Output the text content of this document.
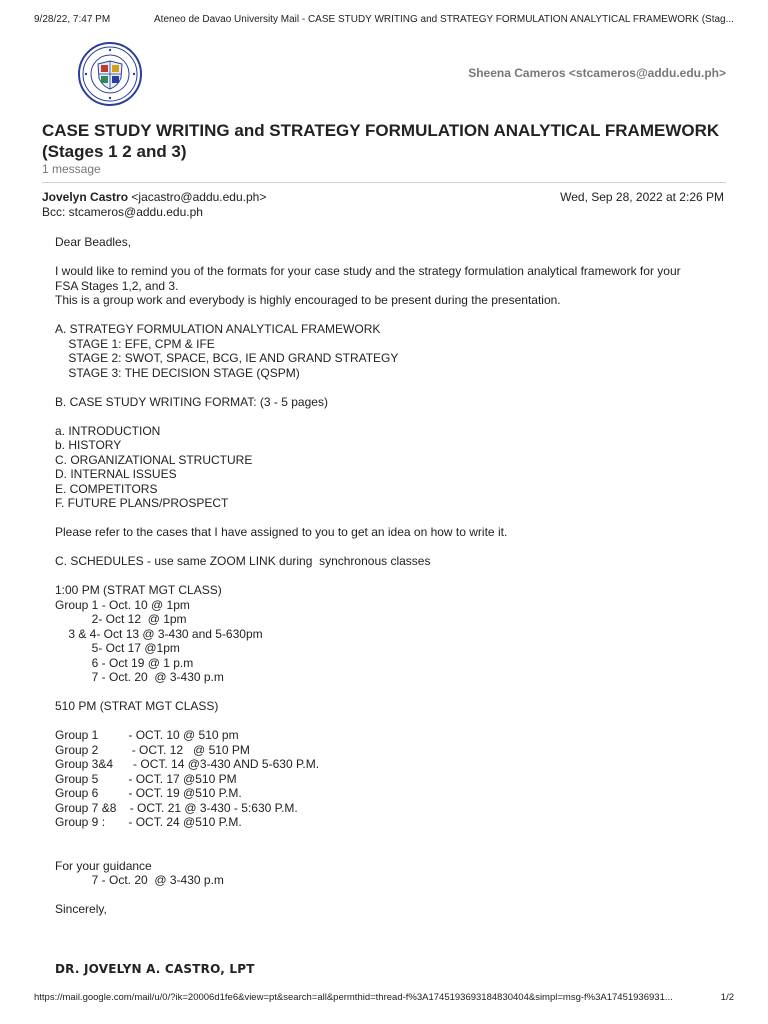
9/28/22, 7:47 PM	Ateneo de Davao University Mail - CASE STUDY WRITING and STRATEGY FORMULATION ANALYTICAL FRAMEWORK (Stag...
Sheena Cameros <stcameros@addu.edu.ph>
CASE STUDY WRITING and STRATEGY FORMULATION ANALYTICAL FRAMEWORK (Stages 1 2 and 3)
1 message
Jovelyn Castro <jacastro@addu.edu.ph>	Wed, Sep 28, 2022 at 2:26 PM
Bcc: stcameros@addu.edu.ph
Dear Beadles,
I would like to remind you of the formats for your case study and the strategy formulation analytical framework for your
FSA Stages 1,2, and 3.
This is a group work and everybody is highly encouraged to be present during the presentation.
A. STRATEGY FORMULATION ANALYTICAL FRAMEWORK
STAGE 1: EFE, CPM & IFE
STAGE 2: SWOT, SPACE, BCG, IE AND GRAND STRATEGY
STAGE 3: THE DECISION STAGE (QSPM)
B. CASE STUDY WRITING FORMAT: (3 - 5 pages)
a. INTRODUCTION
b. HISTORY
C. ORGANIZATIONAL STRUCTURE
D. INTERNAL ISSUES
E. COMPETITORS
F. FUTURE PLANS/PROSPECT
Please refer to the cases that I have assigned to you to get an idea on how to write it.
C. SCHEDULES - use same ZOOM LINK during  synchronous classes
1:00 PM (STRAT MGT CLASS)
Group 1 - Oct. 10 @ 1pm
2- Oct 12  @ 1pm
3 & 4- Oct 13 @ 3-430 and 5-630pm
5- Oct 17 @1pm
6 - Oct 19 @ 1 p.m
7 - Oct. 20  @ 3-430 p.m
510 PM (STRAT MGT CLASS)
Group 1         - OCT. 10 @ 510 pm
Group 2          - OCT. 12   @ 510 PM
Group 3&4      - OCT. 14 @3-430 AND 5-630 P.M.
Group 5         - OCT. 17 @510 PM
Group 6         - OCT. 19 @510 P.M.
Group 7 &8    - OCT. 21 @ 3-430 - 5:630 P.M.
Group 9 :       - OCT. 24 @510 P.M.
For your guidance
7 - Oct. 20  @ 3-430 p.m
Sincerely,
DR. JOVELYN A. CASTRO, LPT
https://mail.google.com/mail/u/0/?ik=20006d1fe6&view=pt&search=all&permthid=thread-f%3A1745193693184830404&simpl=msg-f%3A17451936931...	1/2
